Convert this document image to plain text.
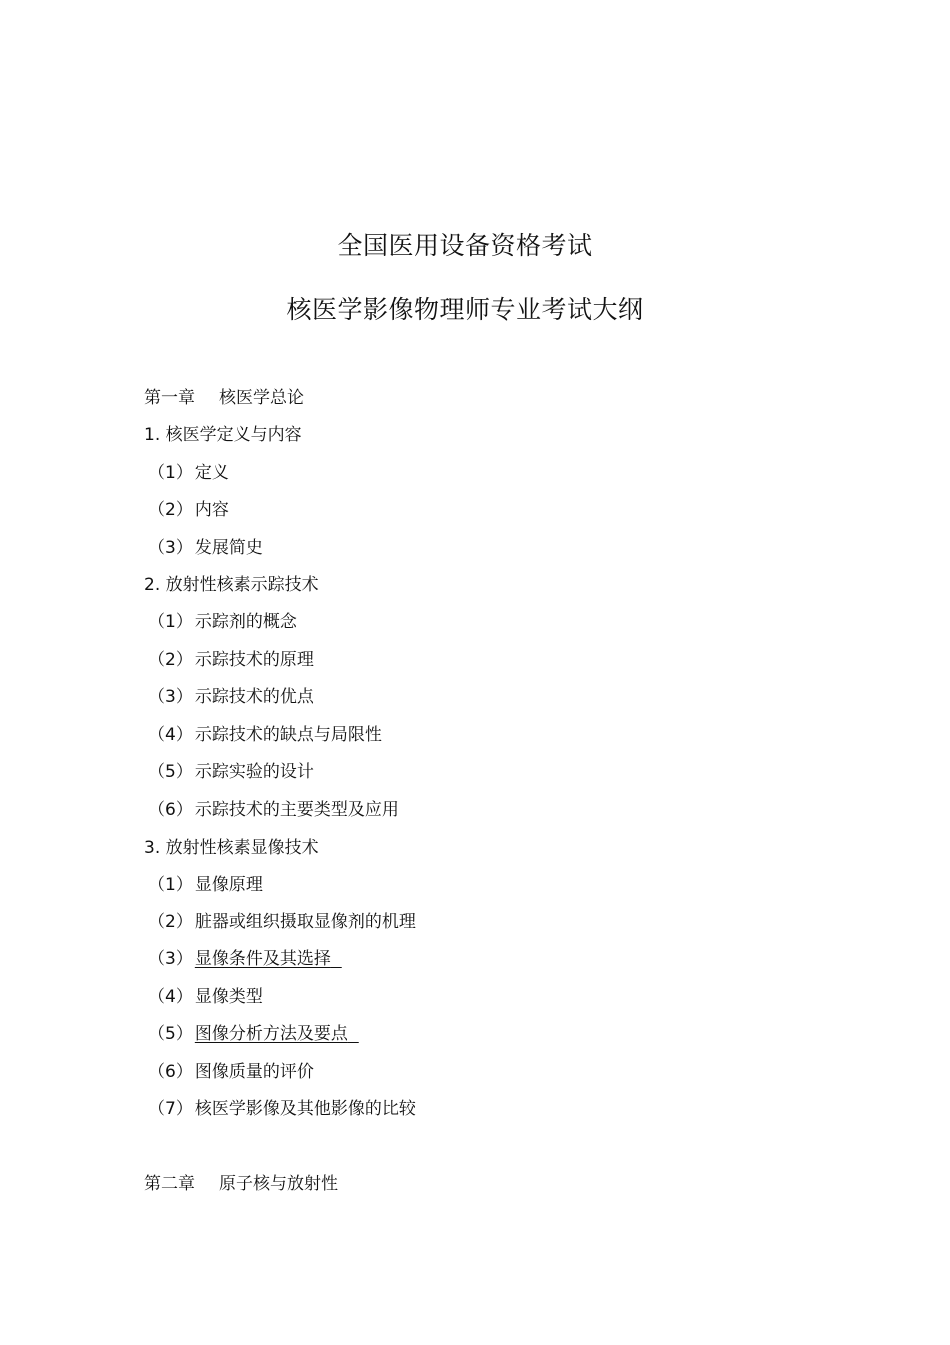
全国医用设备资格考试
核医学影像物理师专业考试大纲
第一章 核医学总论
1. 核医学定义与内容
（1） 定义
（2） 内容
（3） 发展简史
2. 放射性核素示踪技术
（1） 示踪剂的概念
（2） 示踪技术的原理
（3） 示踪技术的优点
（4） 示踪技术的缺点与局限性
（5） 示踪实验的设计
（6） 示踪技术的主要类型及应用
3. 放射性核素显像技术
（1） 显像原理
（2） 脏器或组织摄取显像剂的机理
（3） 显像条件及其选择
（4） 显像类型
（5） 图像分析方法及要点
（6） 图像质量的评价
（7） 核医学影像及其他影像的比较
第二章 原子核与放射性
